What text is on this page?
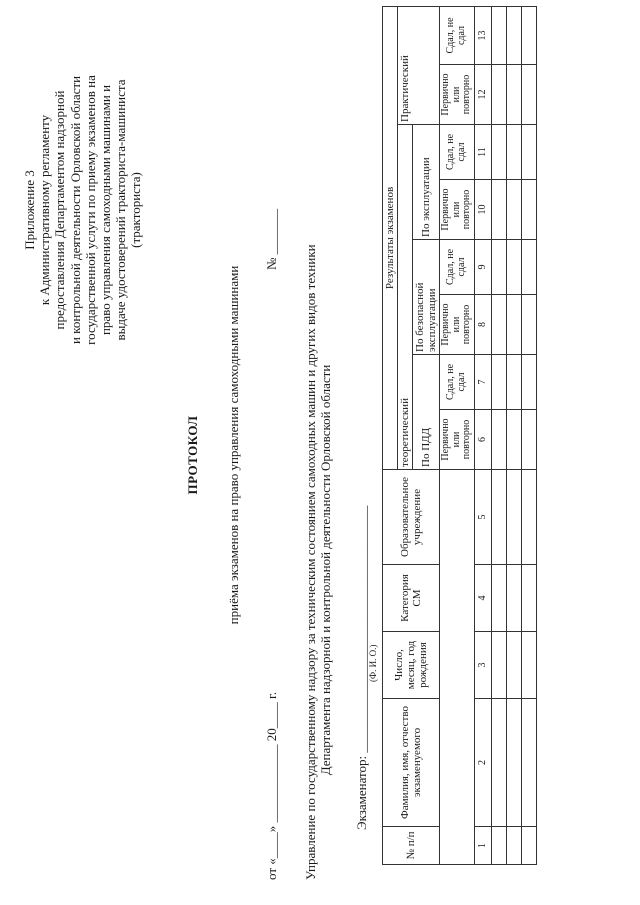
Приложение 3 к Административному регламенту предоставления Департаментом надзорной и контрольной деятельности Орловской области государственной услуги по приему экзаменов на право управления самоходными машинами и выдаче удостоверений тракториста-машиниста (тракториста)
ПРОТОКОЛ приёма экзаменов на право управления самоходными машинами
№ _______
от «____» ____________ 20____ г. Управление по государственному надзору за техническим состоянием самоходных машин и других видов техники Департамента надзорной и контрольной деятельности Орловской области Экзаменатор: ______________________________________ (Ф. И. О.)
№ п/п	Фамилия, имя, отчество экзаменуемого	Число, месяц, год рождения	Категория СМ	Образовательное учреждение	Результаты экзаменов							
					теоретический						Практический	
					По ПДД		По безопасной эксплуатации		По эксплуатации			
					Первично или повторно	Сдал, не сдал	Первично или повторно	Сдал, не сдал	Первично или повторно	Сдал, не сдал	Первично или повторно	Сдал, не сдал
1	2	3	4	5	6	7	8	9	10	11	12	13
